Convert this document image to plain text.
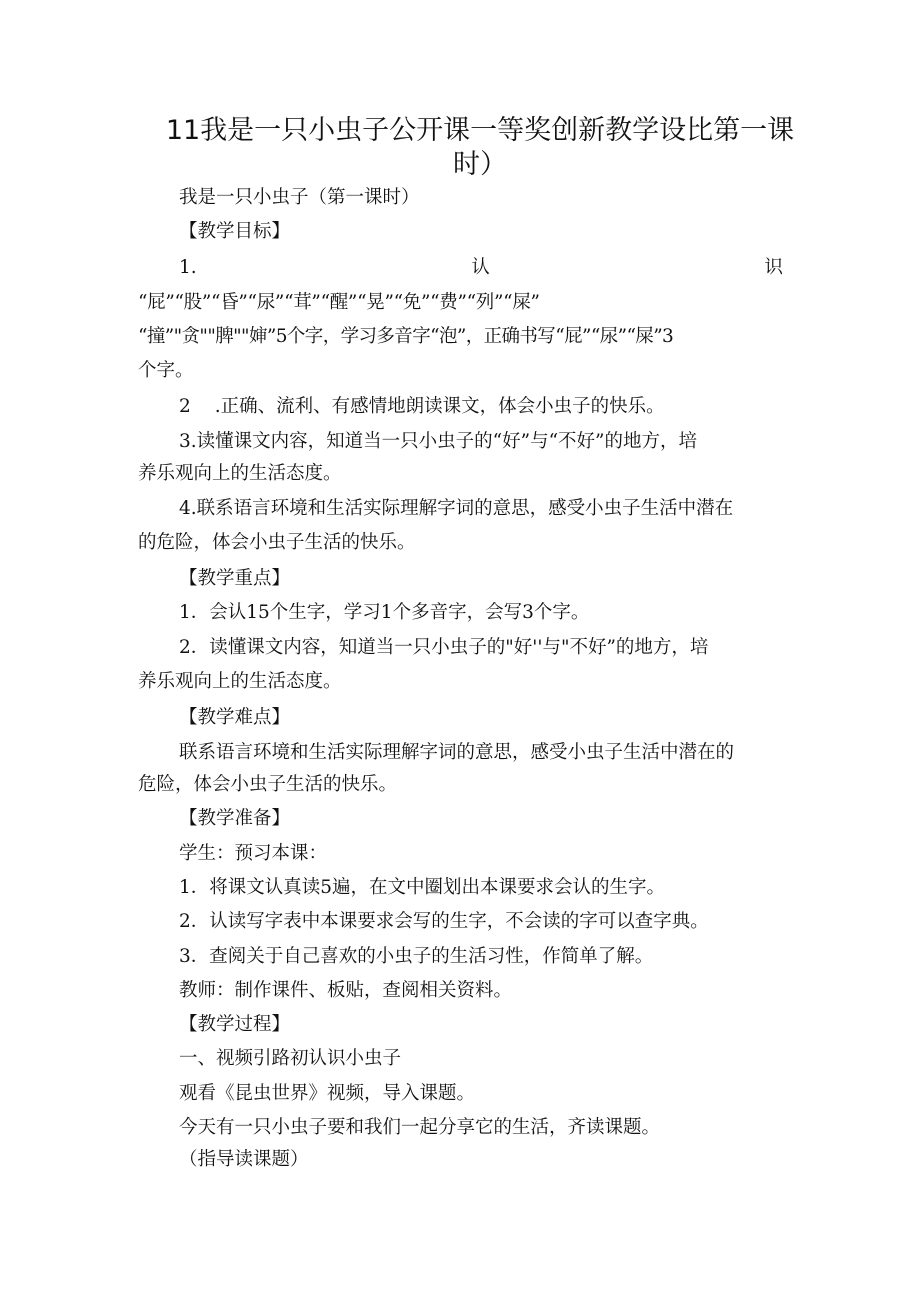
11我是一只小虫子公开课一等奖创新教学设比第一课
时）
我是一只小虫子（第一课时）
【教学目标】
1.	认	识
“屁”“股”“昏”“尿”“茸”“醒”“晃”“免”“费”“列”“屎”
“撞”"贪""脾""婶”5个字，学习多音字“泡”，正确书写“屁”“尿”“屎”3
个字。
2 .正确、流利、有感情地朗读课文，体会小虫子的快乐。
3.读懂课文内容，知道当一只小虫子的“好”与“不好”的地方，培
养乐观向上的生活态度。
4.联系语言环境和生活实际理解字词的意思，感受小虫子生活中潜在
的危险，体会小虫子生活的快乐。
【教学重点】
1．会认15个生字，学习1个多音字，会写3个字。
2．读懂课文内容，知道当一只小虫子的"好''与"不好”的地方，培
养乐观向上的生活态度。
【教学难点】
联系语言环境和生活实际理解字词的意思，感受小虫子生活中潜在的
危险，体会小虫子生活的快乐。
【教学准备】
学生：预习本课：
1．将课文认真读5遍，在文中圈划出本课要求会认的生字。
2．认读写字表中本课要求会写的生字，不会读的字可以查字典。
3．查阅关于自己喜欢的小虫子的生活习性，作简单了解。
教师：制作课件、板贴，查阅相关资料。
【教学过程】
一、视频引路初认识小虫子
观看《昆虫世界》视频，导入课题。
今天有一只小虫子要和我们一起分享它的生活，齐读课题。
（指导读课题）
